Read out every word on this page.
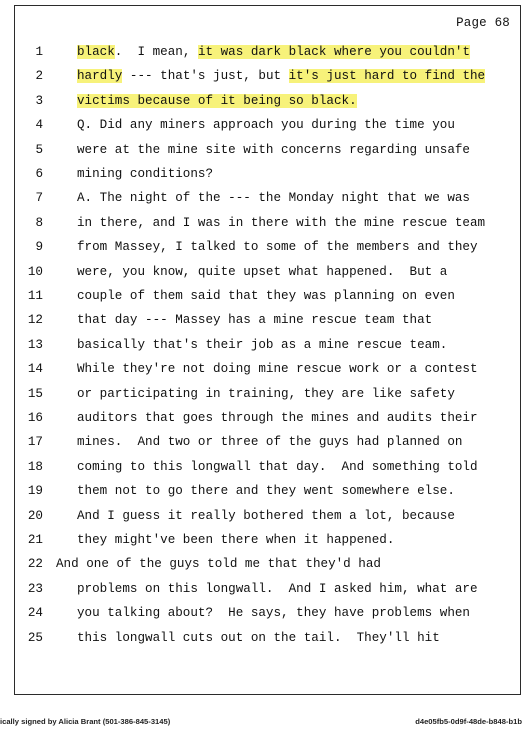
Page 68
1	black.  I mean, it was dark black where you couldn't
2	hardly --- that's just, but it's just hard to find the
3	victims because of it being so black.
4	Q. Did any miners approach you during the time you
5	were at the mine site with concerns regarding unsafe
6	mining conditions?
7	A. The night of the --- the Monday night that we was
8	in there, and I was in there with the mine rescue team
9	from Massey, I talked to some of the members and they
10	were, you know, quite upset what happened.  But a
11	couple of them said that they was planning on even
12	that day --- Massey has a mine rescue team that
13	basically that's their job as a mine rescue team.
14	While they're not doing mine rescue work or a contest
15	or participating in training, they are like safety
16	auditors that goes through the mines and audits their
17	mines.  And two or three of the guys had planned on
18	coming to this longwall that day.  And something told
19	them not to go there and they went somewhere else.
20	And I guess it really bothered them a lot, because
21	they might've been there when it happened.
22 And one of the guys told me that they'd had
23	problems on this longwall.  And I asked him, what are
24	you talking about?  He says, they have problems when
25	this longwall cuts out on the tail.  They'll hit
ically signed by Alicia Brant (501-386-845-3145)	d4e05fb5-0d9f-48de-b848-b1b
